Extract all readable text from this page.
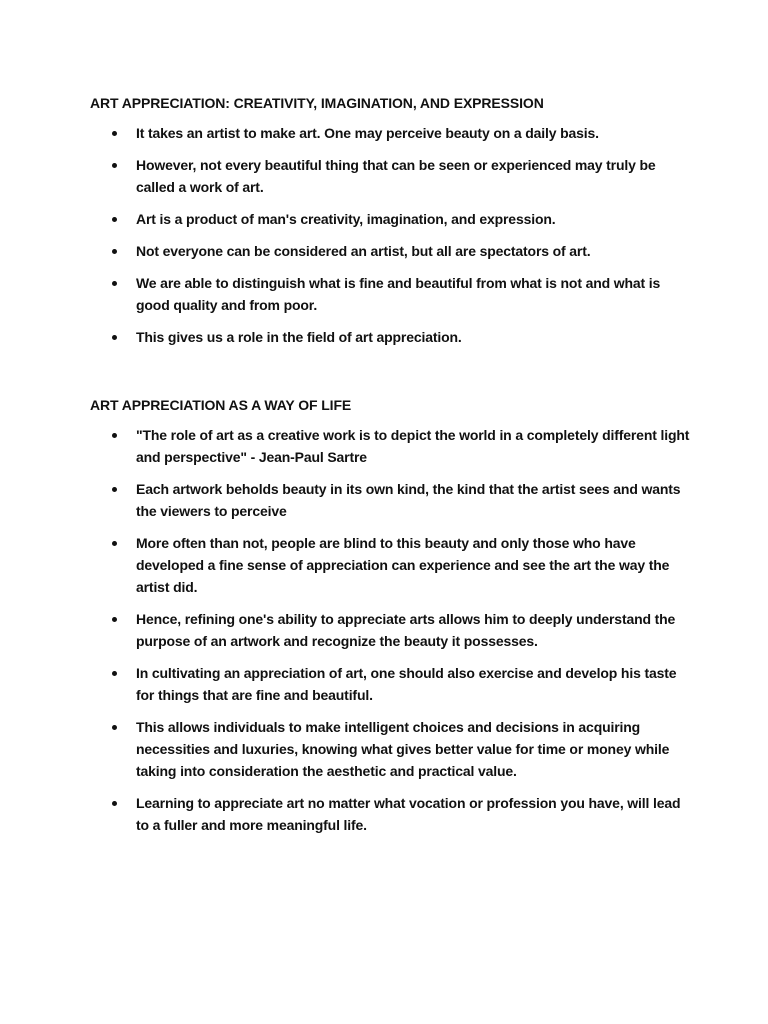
ART APPRECIATION: CREATIVITY, IMAGINATION, AND EXPRESSION
It takes an artist to make art. One may perceive beauty on a daily basis.
However, not every beautiful thing that can be seen or experienced may truly be called a work of art.
Art is a product of man's creativity, imagination, and expression.
Not everyone can be considered an artist, but all are spectators of art.
We are able to distinguish what is fine and beautiful from what is not and what is good quality and from poor.
This gives us a role in the field of art appreciation.
ART APPRECIATION AS A WAY OF LIFE
"The role of art as a creative work is to depict the world in a completely different light and perspective" - Jean-Paul Sartre
Each artwork beholds beauty in its own kind, the kind that the artist sees and wants the viewers to perceive
More often than not, people are blind to this beauty and only those who have developed a fine sense of appreciation can experience and see the art the way the artist did.
Hence, refining one's ability to appreciate arts allows him to deeply understand the purpose of an artwork and recognize the beauty it possesses.
In cultivating an appreciation of art, one should also exercise and develop his taste for things that are fine and beautiful.
This allows individuals to make intelligent choices and decisions in acquiring necessities and luxuries, knowing what gives better value for time or money while taking into consideration the aesthetic and practical value.
Learning to appreciate art no matter what vocation or profession you have, will lead to a fuller and more meaningful life.
